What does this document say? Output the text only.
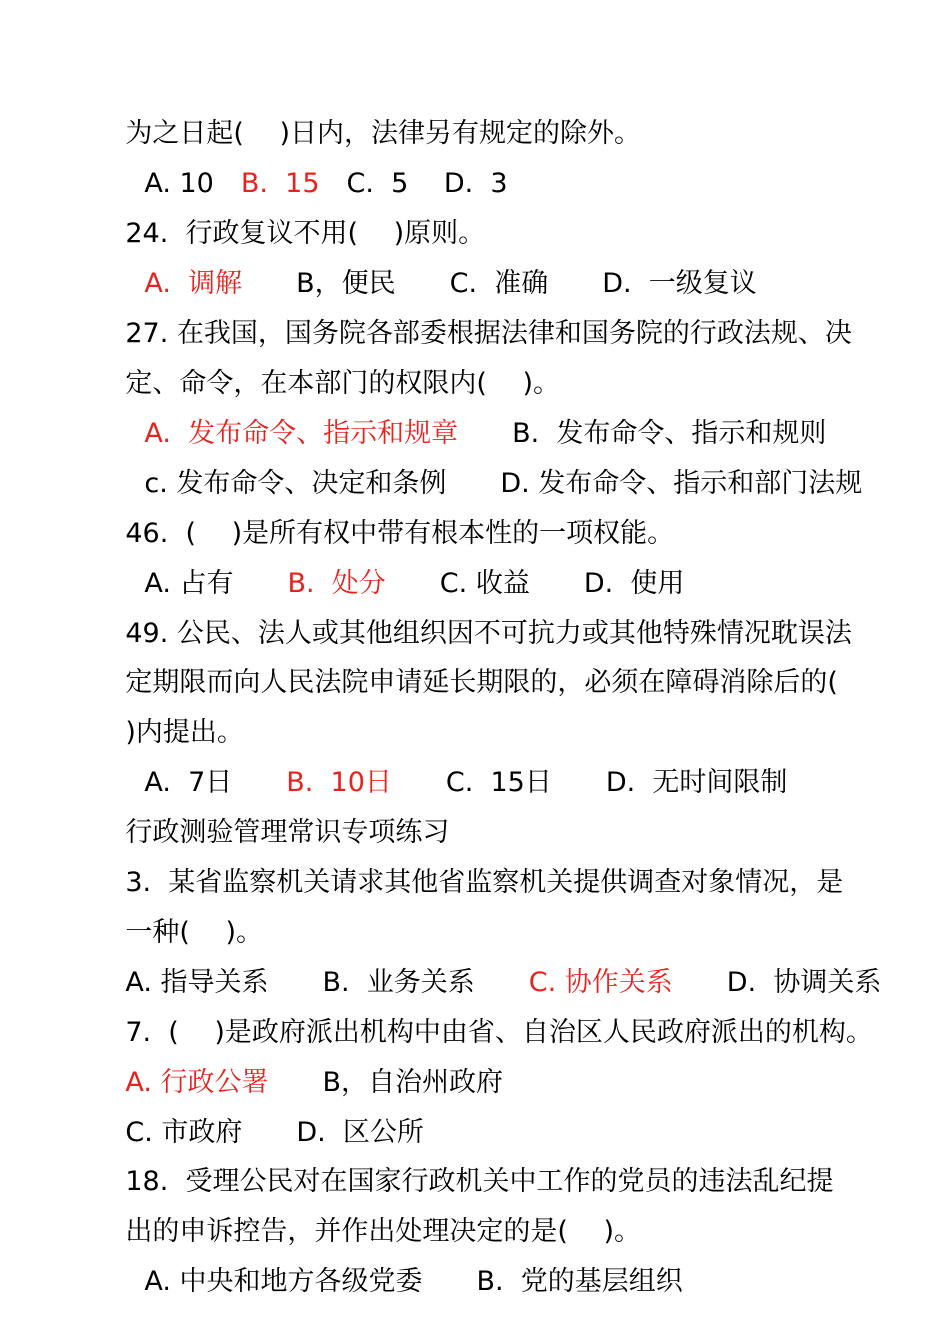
为之日起(　 )日内，法律另有规定的除外。

A. 10　B.  15　C.  5　 D.  3

24.  行政复议不用(　 )原则。

A.  调解　　B，便民　　C.  准确　　D.  一级复议

27. 在我国，国务院各部委根据法律和国务院的行政法规、决

定、命令，在本部门的权限内(　 )。

A.  发布命令、指示和规章　　B.  发布命令、指示和规则

c. 发布命令、决定和条例　　D. 发布命令、指示和部门法规

46.  (　 )是所有权中带有根本性的一项权能。

A. 占有　　B.  处分　　C. 收益　　D.  使用

49. 公民、法人或其他组织因不可抗力或其他特殊情况耽误法

定期限而向人民法院申请延长期限的，必须在障碍消除后的(

)内提出。

A.  7日　　B.  10日　　C.  15日　　D.  无时间限制

行政测验管理常识专项练习

3.  某省监察机关请求其他省监察机关提供调查对象情况，是

一种(　 )。

A. 指导关系　　B.  业务关系　　C. 协作关系　　D.  协调关系

7.  (　 )是政府派出机构中由省、自治区人民政府派出的机构。

A. 行政公署　　B，自治州政府

C. 市政府　　D.  区公所

18.  受理公民对在国家行政机关中工作的党员的违法乱纪提

出的申诉控告，并作出处理决定的是(　 )。

A. 中央和地方各级党委　　B.  党的基层组织
